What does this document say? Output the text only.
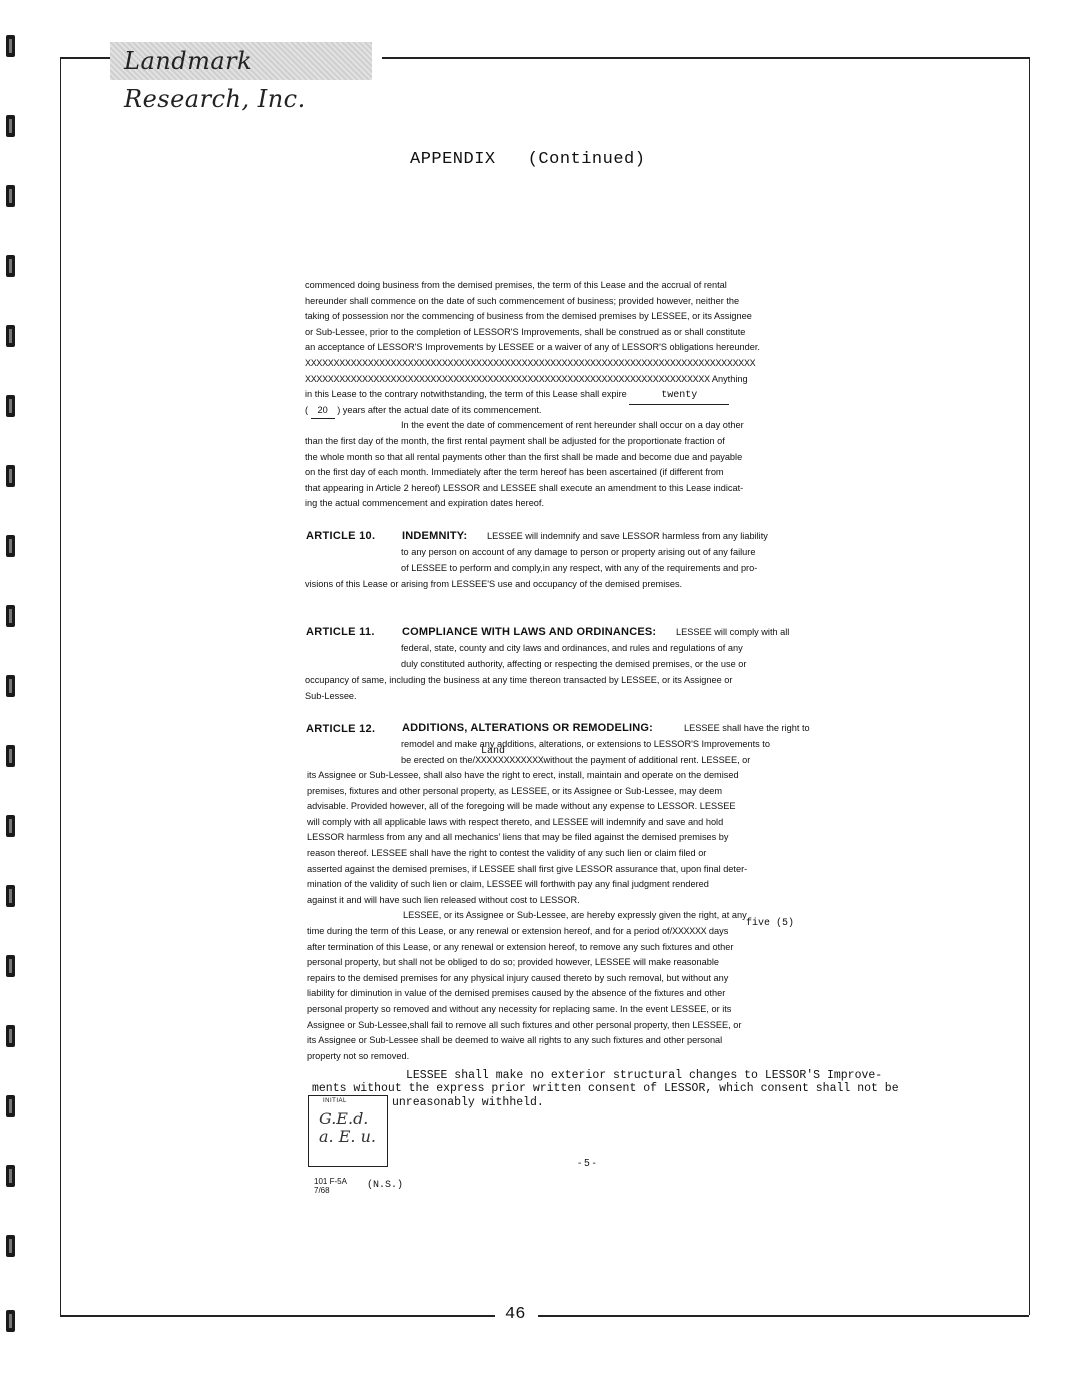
Landmark Research, Inc.
APPENDIX   (Continued)
commenced doing business from the demised premises, the term of this Lease and the accrual of rental
hereunder shall commence on the date of such commencement of business; provided however, neither the
taking of possession nor the commencing of business from the demised premises by LESSEE, or its Assignee
or Sub-Lessee, prior to the completion of LESSOR'S Improvements, shall be construed as or shall constitute
an acceptance of LESSOR'S Improvements by LESSEE or a waiver of any of LESSOR'S obligations hereunder.
XXXXXXXXXXXXXXXXXXXXXXXXXXXXXXXXXXXXXXXXXXXXXXXXXXXXXXXXXXXXXXXXXXXXXXXXXXXXXXX
XXXXXXXXXXXXXXXXXXXXXXXXXXXXXXXXXXXXXXXXXXXXXXXXXXXXXXXXXXXXXXXXXXXXXXX Anything
in this Lease to the contrary notwithstanding, the term of this Lease shall expire	twenty
( 20 ) years after the actual date of its commencement.
In the event the date of commencement of rent hereunder shall occur on a day other
than the first day of the month, the first rental payment shall be adjusted for the proportionate fraction of
the whole month so that all rental payments other than the first shall be made and become due and payable
on the first day of each month. Immediately after the term hereof has been ascertained (if different from
that appearing in Article 2 hereof) LESSOR and LESSEE shall execute an amendment to this Lease indicat-
ing the actual commencement and expiration dates hereof.
ARTICLE 10. INDEMNITY: LESSEE will indemnify and save LESSOR harmless from any liability
to any person on account of any damage to person or property arising out of any failure
of LESSEE to perform and comply,in any respect, with any of the requirements and pro-
visions of this Lease or arising from LESSEE'S use and occupancy of the demised premises.
ARTICLE 11. COMPLIANCE WITH LAWS AND ORDINANCES: LESSEE will comply with all
federal, state, county and city laws and ordinances, and rules and regulations of any
duly constituted authority, affecting or respecting the demised premises, or the use or
occupancy of same, including the business at any time thereon transacted by LESSEE, or its Assignee or
Sub-Lessee.
ARTICLE 12. ADDITIONS, ALTERATIONS OR REMODELING:	LESSEE shall have the right to
remodel and make any additions, alterations, or extensions to LESSOR'S Improvements to
Land
be erected on the/XXXXXXXXXXXXwithout the payment of additional rent. LESSEE, or
its Assignee or Sub-Lessee, shall also have the right to erect, install, maintain and operate on the demised
premises, fixtures and other personal property, as LESSEE, or its Assignee or Sub-Lessee, may deem
advisable. Provided however, all of the foregoing will be made without any expense to LESSOR. LESSEE
will comply with all applicable laws with respect thereto, and LESSEE will indemnify and save and hold
LESSOR harmless from any and all mechanics' liens that may be filed against the demised premises by
reason thereof. LESSEE shall have the right to contest the validity of any such lien or claim filed or
asserted against the demised premises, if LESSEE shall first give LESSOR assurance that, upon final deter-
mination of the validity of such lien or claim, LESSEE will forthwith pay any final judgment rendered
against it and will have such lien released without cost to LESSOR.
LESSEE, or its Assignee or Sub-Lessee, are hereby expressly given the right, at any
time during the term of this Lease, or any renewal or extension hereof, and for a period of/XXXXXX days
after termination of this Lease, or any renewal or extension hereof, to remove any such fixtures and other
personal property, but shall not be obliged to do so; provided however, LESSEE will make reasonable
repairs to the demised premises for any physical injury caused thereto by such removal, but without any
liability for diminution in value of the demised premises caused by the absence of the fixtures and other
personal property so removed and without any necessity for replacing same. In the event LESSEE, or its
Assignee or Sub-Lessee,shall fail to remove all such fixtures and other personal property, then LESSEE, or
its Assignee or Sub-Lessee shall be deemed to waive all rights to any such fixtures and other personal
property not so removed.
five (5)
LESSEE shall make no exterior structural changes to LESSOR'S Improve-
ments without the express prior written consent of LESSOR, which consent shall not be
unreasonably withheld.
INITIAL
G.E.d.
a. E. u.
- 5 -
101 F-5A
7/68	(N.S.)
46
